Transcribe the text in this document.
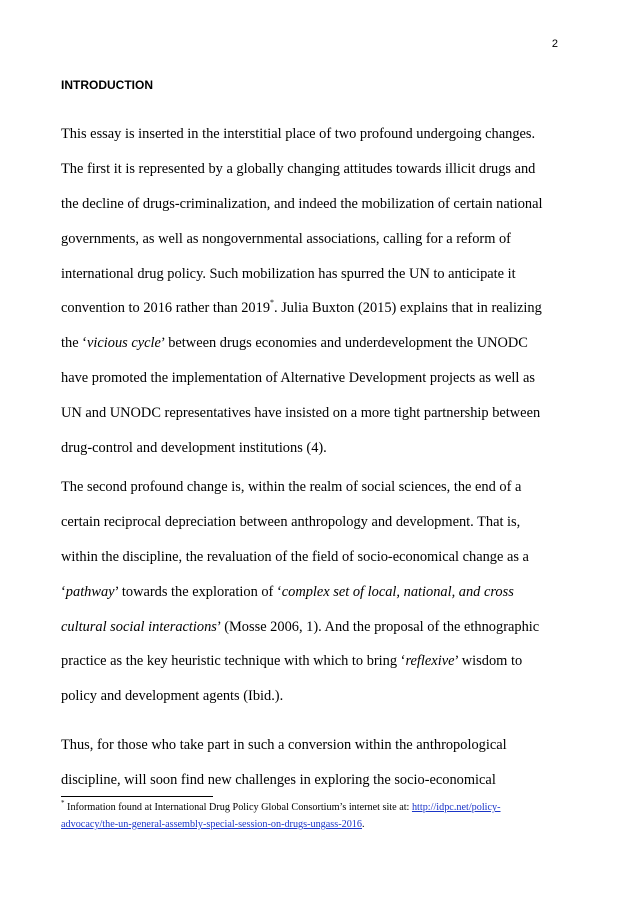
2
INTRODUCTION
This essay is inserted in the interstitial place of two profound undergoing changes.
The first it is represented by a globally changing attitudes towards illicit drugs and
the decline of drugs-criminalization, and indeed the mobilization of certain national
governments, as well as nongovernmental associations, calling for a reform of
international drug policy. Such mobilization has spurred the UN to anticipate it
convention to 2016 rather than 2019*. Julia Buxton (2015) explains that in realizing
the ‘vicious cycle’ between drugs economies and underdevelopment the UNODC
have promoted the implementation of Alternative Development projects as well as
UN and UNODC representatives have insisted on a more tight partnership between
drug-control and development institutions (4).
The second profound change is, within the realm of social sciences, the end of a
certain reciprocal depreciation between anthropology and development. That is,
within the discipline, the revaluation of the field of socio-economical change as a
‘pathway’ towards the exploration of ‘complex set of local, national, and cross
cultural social interactions’ (Mosse 2006, 1). And the proposal of the ethnographic
practice as the key heuristic technique with which to bring ‘reflexive’ wisdom to
policy and development agents (Ibid.).
Thus, for those who take part in such a conversion within the anthropological
discipline, will soon find new challenges in exploring the socio-economical
* Information found at International Drug Policy Global Consortium’s internet site at: http://idpc.net/policy-
advocacy/the-un-general-assembly-special-session-on-drugs-ungass-2016.
